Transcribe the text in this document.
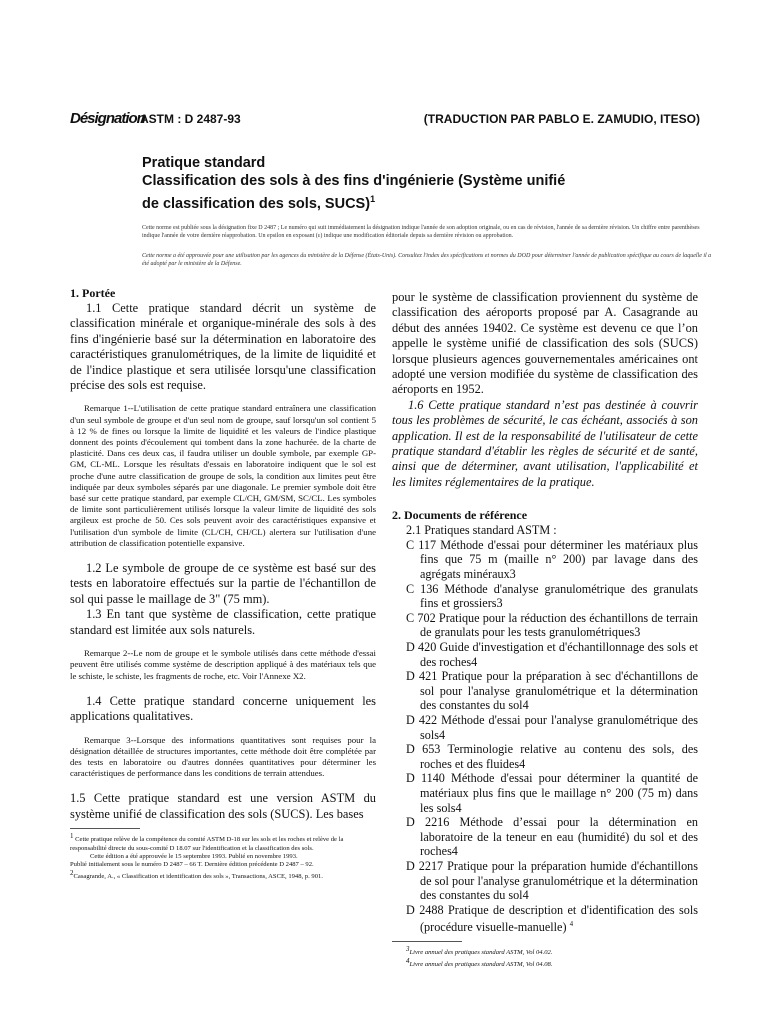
Désignation
ASTM : D 2487-93	(TRADUCTION PAR PABLO E. ZAMUDIO, ITESO)
Pratique standard
Classification des sols à des fins d'ingénierie (Système unifié
de classification des sols, SUCS)$^1$
Cette norme est publiée sous la désignation fixe D 2487 ; Le numéro qui suit immédiatement la désignation indique l'année de son adoption originale, ou en cas de révision, l'année de sa dernière révision. Un chiffre entre parenthèses indique l'année de votre dernière réapprobation. Un epsilon en exposant (ε) indique une modification éditoriale depuis sa dernière révision ou approbation.
Cette norme a été approuvée pour une utilisation par les agences du ministère de la Défense (États-Unis). Consultez l'index des spécifications et normes du DOD pour déterminer l'année de publication spécifique au cours de laquelle il a été adopté par le ministère de la Défense.

1. Portée

1.1 Cette pratique standard décrit un système de classification minérale et organique-minérale des sols à des fins d'ingénierie basé sur la détermination en laboratoire des caractéristiques granulométriques, de la limite de liquidité et de l'indice plastique et sera utilisée lorsqu'une classification précise des sols est requise.

Remarque 1--L'utilisation de cette pratique standard entraînera une classification d'un seul symbole de groupe et d'un seul nom de groupe, sauf lorsqu'un sol contient 5 à 12 % de fines ou lorsque la limite de liquidité et les valeurs de l'indice plastique donnent des points d'écoulement qui tombent dans la zone hachurée. de la charte de plasticité. Dans ces deux cas, il faudra utiliser un double symbole, par exemple GP-GM, CL-ML. Lorsque les résultats d'essais en laboratoire indiquent que le sol est proche d'une autre classification de groupe de sols, la condition aux limites peut être indiquée par deux symboles séparés par une diagonale. Le premier symbole doit être basé sur cette pratique standard, par exemple CL/CH, GM/SM, SC/CL. Les symboles de limite sont particulièrement utilisés lorsque la valeur limite de liquidité des sols argileux est proche de 50. Ces sols peuvent avoir des caractéristiques expansive et l'utilisation d'un symbole de limite (CL/CH, CH/CL) alertera sur l'utilisation d'une attribution de classification potentielle expansive.

1.2 Le symbole de groupe de ce système est basé sur des tests en laboratoire effectués sur la partie de l'échantillon de sol qui passe le maillage de 3" (75 mm).

1.3 En tant que système de classification, cette pratique standard est limitée aux sols naturels.

Remarque 2--Le nom de groupe et le symbole utilisés dans cette méthode d'essai peuvent être utilisés comme système de description appliqué à des matériaux tels que le schiste, le schiste, les fragments de roche, etc. Voir l'Annexe X2.

1.4 Cette pratique standard concerne uniquement les applications qualitatives.

Remarque 3--Lorsque des informations quantitatives sont requises pour la désignation détaillée de structures importantes, cette méthode doit être complétée par des tests en laboratoire ou d'autres données quantitatives pour déterminer les caractéristiques de performance dans les conditions de terrain attendues.

1.5 Cette pratique standard est une version ASTM du système unifié de classification des sols (SUCS). Les bases

$^1$ Cette pratique relève de la compétence du comité ASTM D-18 sur les sols et les roches et relève de la responsabilité directe du sous-comité D 18.07 sur l'identification et la classification des sols.

Cette édition a été approuvée le 15 septembre 1993. Publié en novembre 1993.

Publié initialement sous le numéro D 2487 – 66 T. Dernière édition précédente D 2487 – 92.

$^2$Casagrande, A., « Classification et identification des sols », Transactions, ASCE, 1948, p. 901.

pour le système de classification proviennent du système de classification des aéroports proposé par A. Casagrande au début des années 19402. Ce système est devenu ce que l’on appelle le système unifié de classification des sols (SUCS) lorsque plusieurs agences gouvernementales américaines ont adopté une version modifiée du système de classification des aéroports en 1952.

1.6 Cette pratique standard n’est pas destinée à couvrir tous les problèmes de sécurité, le cas échéant, associés à son application. Il est de la responsabilité de l'utilisateur de cette pratique standard d'établir les règles de sécurité et de santé, ainsi que de déterminer, avant utilisation, l'applicabilité et les limites réglementaires de la pratique.

2. Documents de référence

2.1 Pratiques standard ASTM :

C 117 Méthode d'essai pour déterminer les matériaux plus fins que 75 m (maille n° 200) par lavage dans des agrégats minéraux3

C 136 Méthode d'analyse granulométrique des granulats fins et grossiers3

C 702 Pratique pour la réduction des échantillons de terrain de granulats pour les tests granulométriques3

D 420 Guide d'investigation et d'échantillonnage des sols et des roches4

D 421 Pratique pour la préparation à sec d'échantillons de sol pour l'analyse granulométrique et la détermination des constantes du sol4

D 422 Méthode d'essai pour l'analyse granulométrique des sols4

D 653 Terminologie relative au contenu des sols, des roches et des fluides4

D 1140 Méthode d'essai pour déterminer la quantité de matériaux plus fins que le maillage n° 200 (75 m) dans les sols4

D 2216 Méthode d’essai pour la détermination en laboratoire de la teneur en eau (humidité) du sol et des roches4

D 2217 Pratique pour la préparation humide d'échantillons de sol pour l'analyse granulométrique et la détermination des constantes du sol4

D 2488 Pratique de description et d'identification des sols (procédure visuelle-manuelle) $^4$

$^3$Livre annuel des pratiques standard ASTM, Vol 04.02.

$^4$Livre annuel des pratiques standard ASTM, Vol 04.08.
